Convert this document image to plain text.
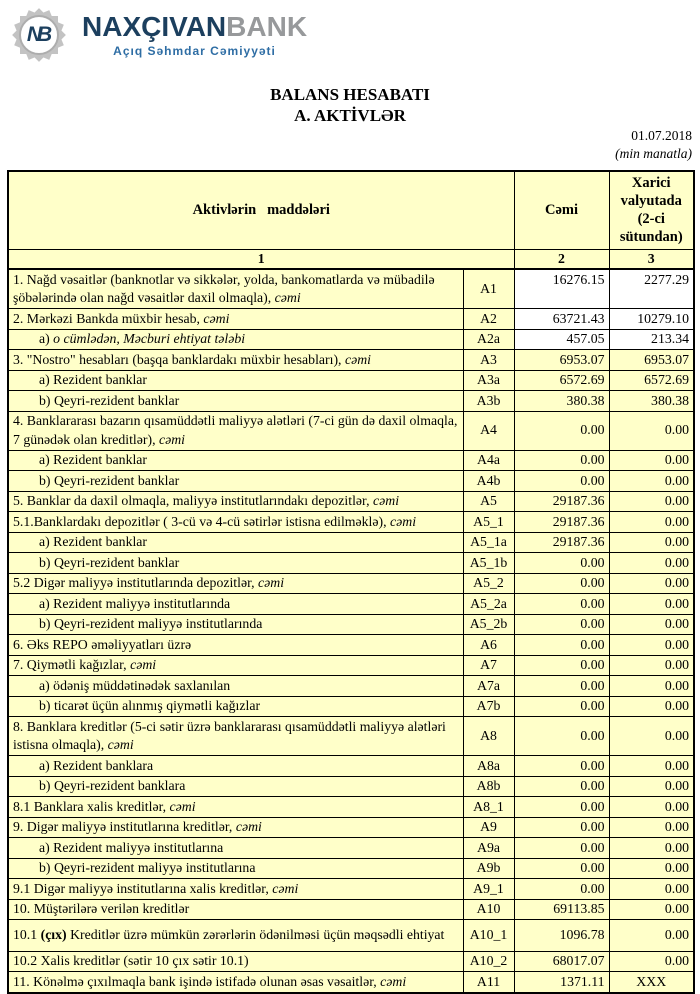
NB	NAXÇIVANBANK
Açıq Səhmdar Cəmiyyəti
BALANS HESABATI
A. AKTİVLƏR
01.07.2018
(min manatla)
Aktivlərin   maddələri		Cəmi	Xarici valyutada (2-ci sütundan)
1		2	3
1. Nağd vəsaitlər (banknotlar və sikkələr, yolda, bankomatlarda və mübadilə şöbələrində olan nağd vəsaitlər daxil olmaqla), cəmi	A1	16276.15	2277.29
2. Mərkəzi Bankda müxbir hesab, cəmi	A2	63721.43	10279.10
a) o cümlədən, Məcburi ehtiyat tələbi	A2a	457.05	213.34
3. "Nostro" hesabları (başqa banklardakı müxbir hesabları), cəmi	A3	6953.07	6953.07
a) Rezident banklar	A3a	6572.69	6572.69
b) Qeyri-rezident banklar	A3b	380.38	380.38
4. Banklararası bazarın qısamüddətli maliyyə alətləri (7-ci gün də daxil olmaqla, 7 günədək olan kreditlər), cəmi	A4	0.00	0.00
a) Rezident banklar	A4a	0.00	0.00
b) Qeyri-rezident banklar	A4b	0.00	0.00
5. Banklar da daxil olmaqla, maliyyə institutlarındakı depozitlər, cəmi	A5	29187.36	0.00
5.1.Banklardakı depozitlər ( 3-cü və 4-cü sətirlər istisna edilməklə), cəmi	A5_1	29187.36	0.00
a) Rezident banklar	A5_1a	29187.36	0.00
b) Qeyri-rezident banklar	A5_1b	0.00	0.00
5.2 Digər maliyyə institutlarında depozitlər, cəmi	A5_2	0.00	0.00
a) Rezident maliyyə institutlarında	A5_2a	0.00	0.00
b) Qeyri-rezident maliyyə institutlarında	A5_2b	0.00	0.00
6. Əks REPO əməliyyatları üzrə	A6	0.00	0.00
7. Qiymətli kağızlar, cəmi	A7	0.00	0.00
a) ödəniş müddətinədək saxlanılan	A7a	0.00	0.00
b) ticarət üçün alınmış qiymətli kağızlar	A7b	0.00	0.00
8. Banklara kreditlər (5-ci sətir üzrə banklararası qısamüddətli maliyyə alətləri istisna olmaqla), cəmi	A8	0.00	0.00
a) Rezident banklara	A8a	0.00	0.00
b) Qeyri-rezident banklara	A8b	0.00	0.00
8.1 Banklara xalis kreditlər, cəmi	A8_1	0.00	0.00
9. Digər maliyyə institutlarına kreditlər, cəmi	A9	0.00	0.00
a) Rezident maliyyə institutlarına	A9a	0.00	0.00
b) Qeyri-rezident maliyyə institutlarına	A9b	0.00	0.00
9.1 Digər maliyyə institutlarına xalis kreditlər, cəmi	A9_1	0.00	0.00
10. Müştərilərə verilən kreditlər	A10	69113.85	0.00
10.1 (çıx) Kreditlər üzrə mümkün zərərlərin ödənilməsi üçün məqsədli ehtiyat	A10_1	1096.78	0.00
10.2 Xalis kreditlər (sətir 10 çıx sətir 10.1)	A10_2	68017.07	0.00
11. Könəlmə çıxılmaqla bank işində istifadə olunan əsas vəsaitlər, cəmi	A11	1371.11	XXX
